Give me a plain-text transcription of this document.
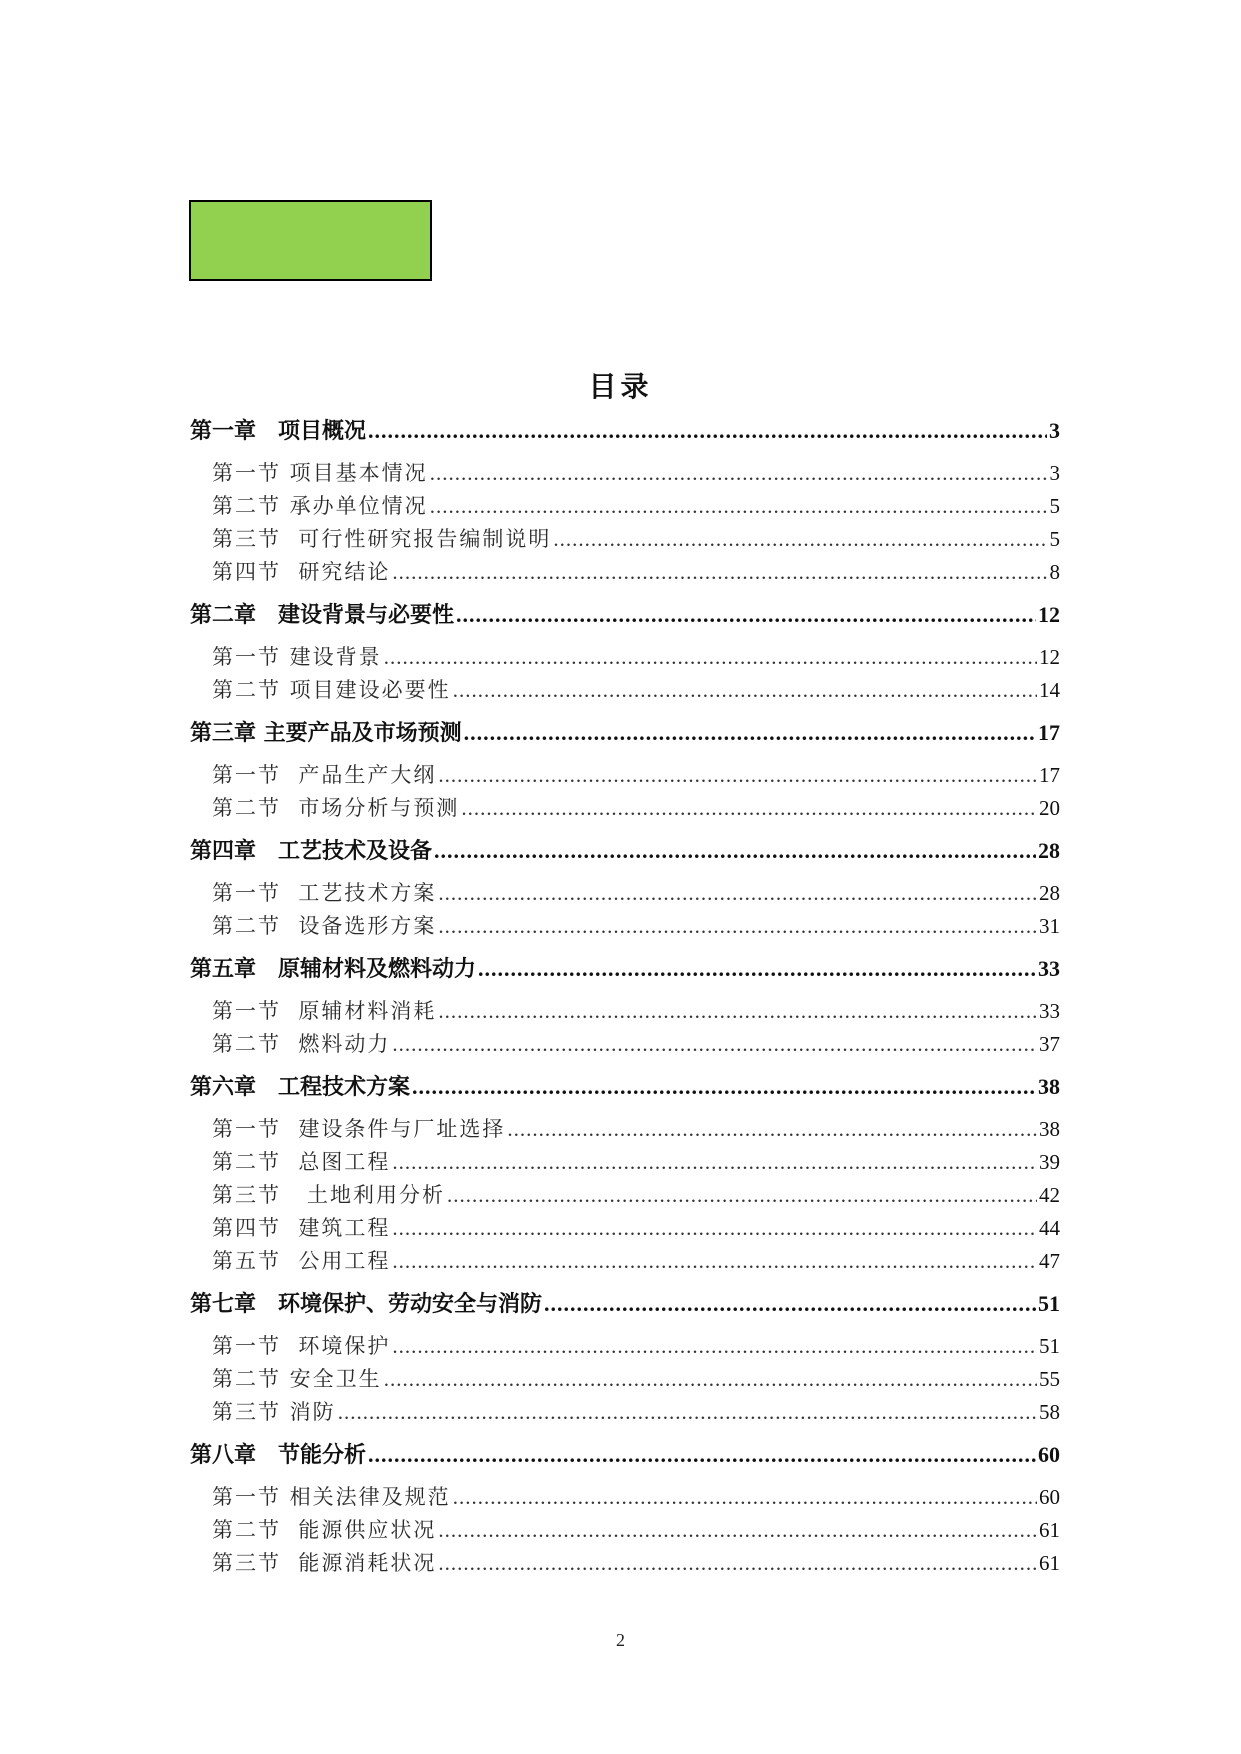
目录
第一章　项目概况 .....	3
第一节 项目基本情况 .....	3
第二节 承办单位情况 .....	5
第三节  可行性研究报告编制说明 .....	5
第四节  研究结论 .....	8
第二章　建设背景与必要性 .....	12
第一节 建设背景 .....	12
第二节 项目建设必要性 .....	14
第三章 主要产品及市场预测 .....	17
第一节  产品生产大纲 .....	17
第二节  市场分析与预测 .....	20
第四章　工艺技术及设备 .....	28
第一节  工艺技术方案 .....	28
第二节  设备选形方案 .....	31
第五章　原辅材料及燃料动力 .....	33
第一节  原辅材料消耗 .....	33
第二节  燃料动力 .....	37
第六章　工程技术方案 .....	38
第一节  建设条件与厂址选择 .....	38
第二节  总图工程 .....	39
第三节   土地利用分析 .....	42
第四节  建筑工程 .....	44
第五节  公用工程 .....	47
第七章　环境保护、劳动安全与消防 .....	51
第一节  环境保护 .....	51
第二节 安全卫生 .....	55
第三节 消防 .....	58
第八章　节能分析 .....	60
第一节 相关法律及规范 .....	60
第二节  能源供应状况 .....	61
第三节  能源消耗状况 .....	61
2
